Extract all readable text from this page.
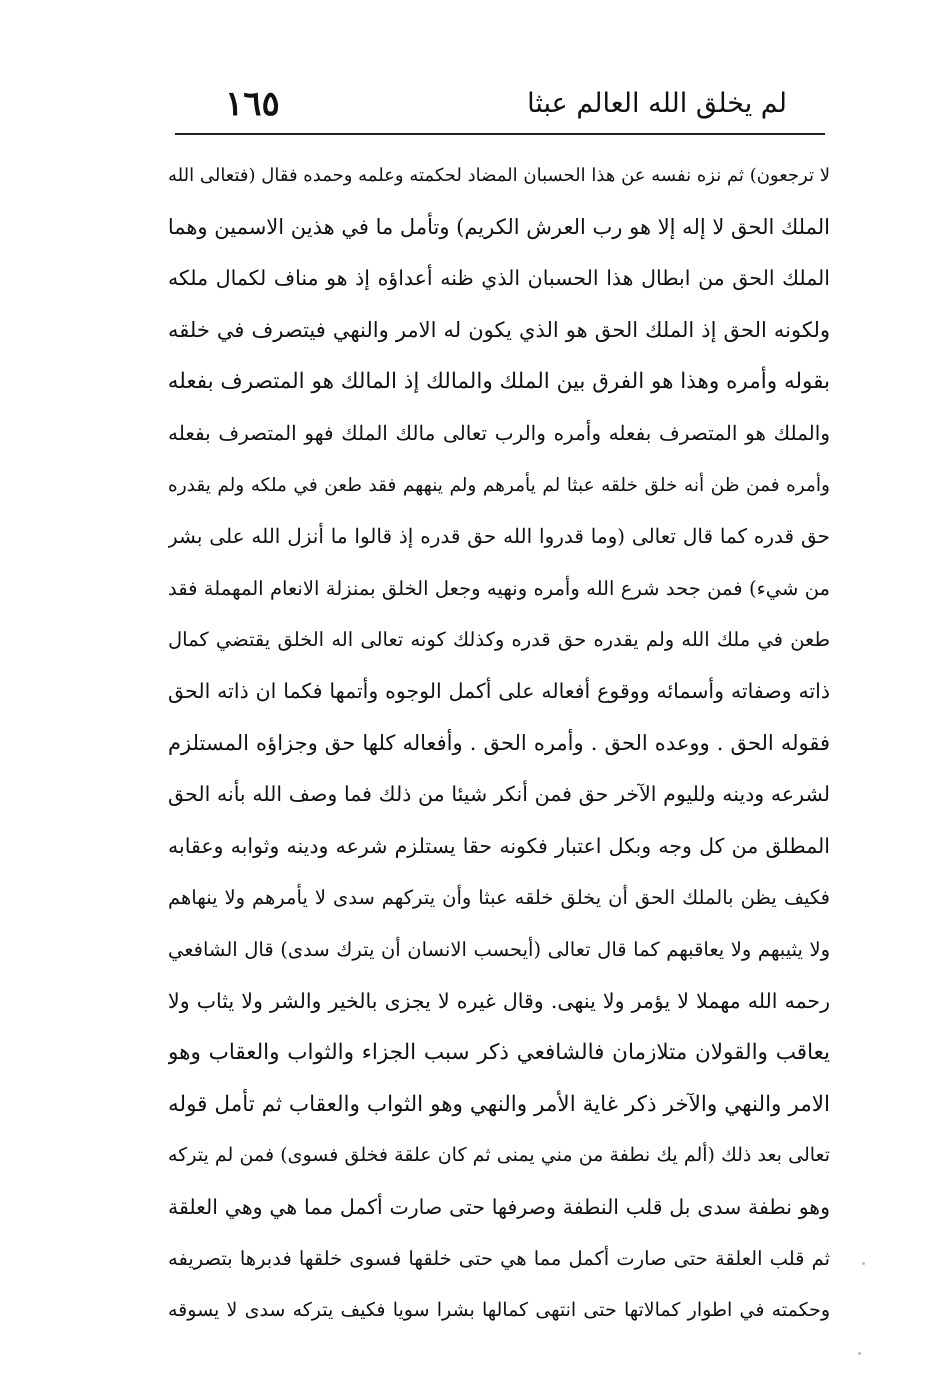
١٦٥	لم يخلق الله العالم عبثا
لا ترجعون) ثم نزه نفسه عن هذا الحسبان المضاد لحكمته وعلمه وحمده فقال (فتعالى الله
الملك الحق لا إله إلا هو رب العرش الكريم) وتأمل ما في هذين الاسمين وهما
الملك الحق من ابطال هذا الحسبان الذي ظنه أعداؤه إذ هو مناف لكمال ملكه
ولكونه الحق إذ الملك الحق هو الذي يكون له الامر والنهي فيتصرف في خلقه
بقوله وأمره وهذا هو الفرق بين الملك والمالك إذ المالك هو المتصرف بفعله
والملك هو المتصرف بفعله وأمره والرب تعالى مالك الملك فهو المتصرف بفعله
وأمره فمن ظن أنه خلق خلقه عبثا لم يأمرهم ولم ينههم فقد طعن في ملكه ولم يقدره
حق قدره كما قال تعالى (وما قدروا الله حق قدره إذ قالوا ما أنزل الله على بشر
من شيء) فمن جحد شرع الله وأمره ونهيه وجعل الخلق بمنزلة الانعام المهملة فقد
طعن في ملك الله ولم يقدره حق قدره وكذلك كونه تعالى اله الخلق يقتضي كمال
ذاته وصفاته وأسمائه ووقوع أفعاله على أكمل الوجوه وأتمها فكما ان ذاته الحق
فقوله الحق . ووعده الحق . وأمره الحق . وأفعاله كلها حق وجزاؤه المستلزم
لشرعه ودينه ولليوم الآخر حق فمن أنكر شيئا من ذلك فما وصف الله بأنه الحق
المطلق من كل وجه وبكل اعتبار فكونه حقا يستلزم شرعه ودينه وثوابه وعقابه
فكيف يظن بالملك الحق أن يخلق خلقه عبثا وأن يتركهم سدى لا يأمرهم ولا ينهاهم
ولا يثيبهم ولا يعاقبهم كما قال تعالى (أيحسب الانسان أن يترك سدى) قال الشافعي
رحمه الله مهملا لا يؤمر ولا ينهى. وقال غيره لا يجزى بالخير والشر ولا يثاب ولا
يعاقب والقولان متلازمان فالشافعي ذكر سبب الجزاء والثواب والعقاب وهو
الامر والنهي والآخر ذكر غاية الأمر والنهي وهو الثواب والعقاب ثم تأمل قوله
تعالى بعد ذلك (ألم يك نطفة من مني يمنى ثم كان علقة فخلق فسوى) فمن لم يتركه
وهو نطفة سدى بل قلب النطفة وصرفها حتى صارت أكمل مما هي وهي العلقة
ثم قلب العلقة حتى صارت أكمل مما هي حتى خلقها فسوى خلقها فدبرها بتصريفه
وحكمته في اطوار كمالاتها حتى انتهى كمالها بشرا سويا فكيف يتركه سدى لا يسوقه
